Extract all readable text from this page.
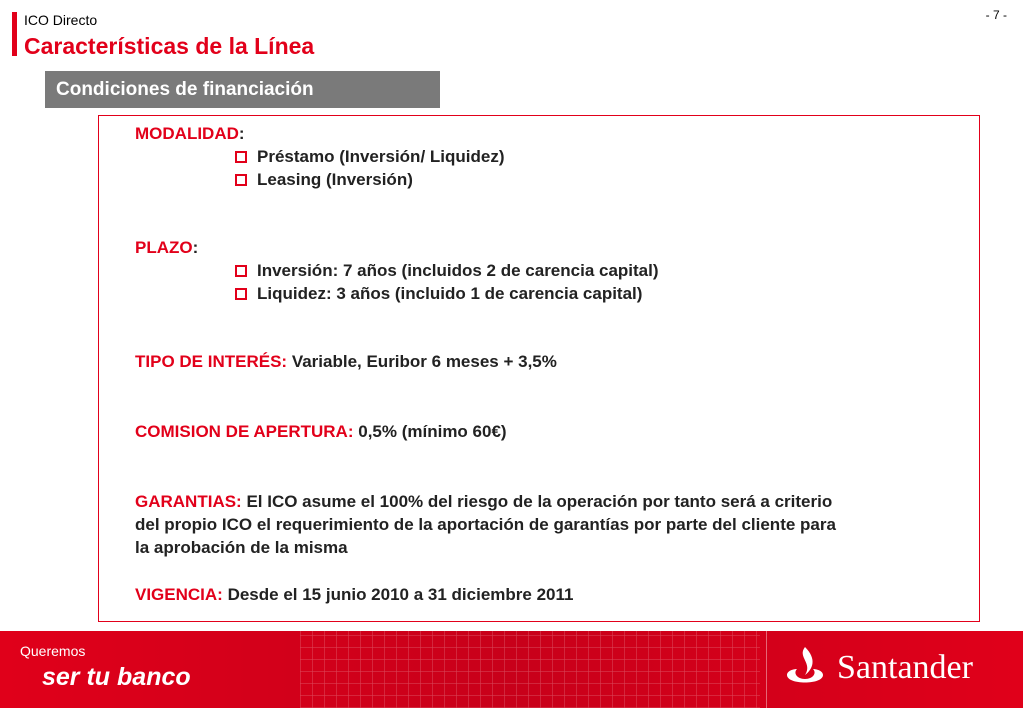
ICO Directo
Características de la Línea
- 7 -
Condiciones de financiación
MODALIDAD:
Préstamo (Inversión/ Liquidez)
Leasing (Inversión)
PLAZO:
Inversión: 7 años (incluidos 2 de carencia capital)
Liquidez: 3 años (incluido 1 de carencia capital)
TIPO DE INTERÉS: Variable, Euribor 6 meses + 3,5%
COMISION DE APERTURA: 0,5% (mínimo 60€)
GARANTIAS: El ICO asume el 100% del riesgo de la operación por tanto será a criterio
del propio ICO el requerimiento de la aportación de garantías por parte del cliente para
la aprobación de la misma
VIGENCIA: Desde el 15 junio 2010 a 31 diciembre 2011
Queremos
ser tu banco	Santander
